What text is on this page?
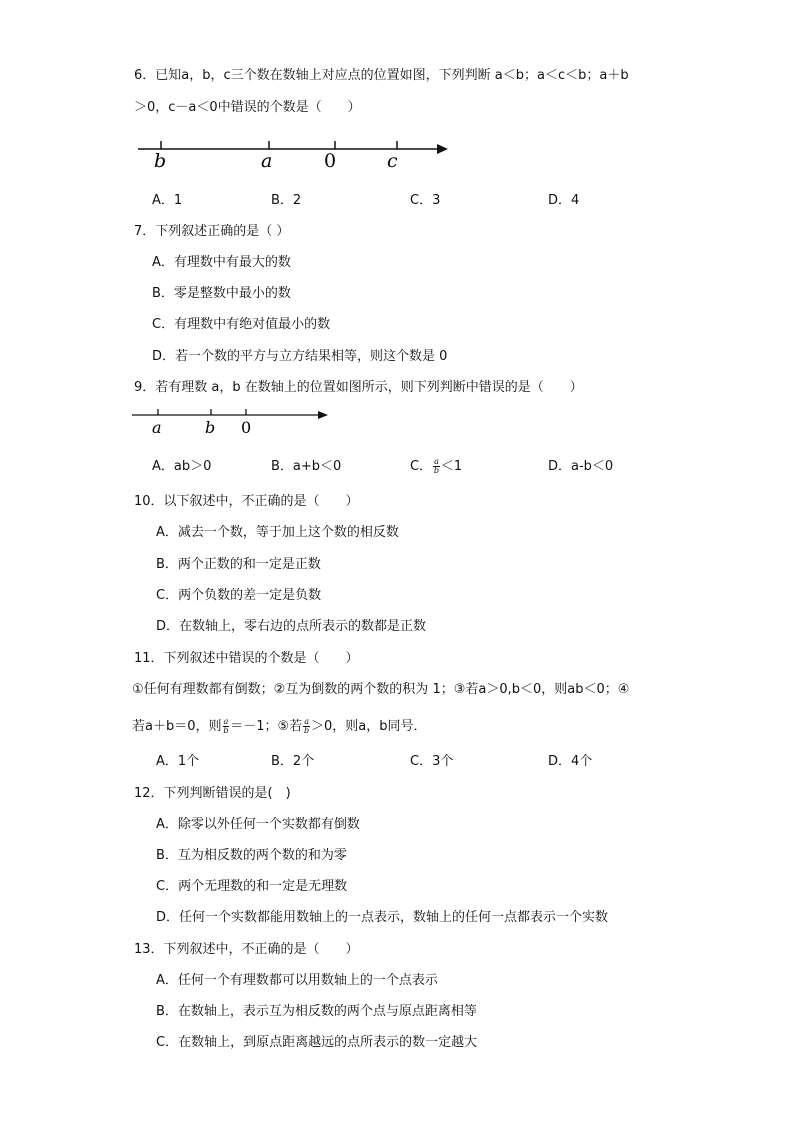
6．已知a，b，c三个数在数轴上对应点的位置如图，下列判断 a＜b；a＜c＜b；a＋b
＞0，c－a＜0中错误的个数是（　　）
b	a	0	c
A．1	B．2	C．3	D．4
7．下列叙述正确的是（ ）
A．有理数中有最大的数
B．零是整数中最小的数
C．有理数中有绝对值最小的数
D．若一个数的平方与立方结果相等，则这个数是 0
9．若有理数 a，b 在数轴上的位置如图所示，则下列判断中错误的是（　　）
a	b 0
A．ab＞0	B．a+b＜0	C． $\frac{a}{b} <1$	D．a-b＜0
10．以下叙述中，不正确的是（　　）
A．减去一个数，等于加上这个数的相反数
B．两个正数的和一定是正数
C．两个负数的差一定是负数
D．在数轴上，零右边的点所表示的数都是正数
11．下列叙述中错误的个数是（　　）
①任何有理数都有倒数；②互为倒数的两个数的积为 1；③若a＞0,b＜0，则ab＜0；④
若a＋b＝0，则 $\frac{a}{b} =-1$；⑤若 $\frac{a}{b} >0$，则a，b同号．
A．1个	B．2个	C．3个	D．4个
12．下列判断错误的是(　)
A．除零以外任何一个实数都有倒数
B．互为相反数的两个数的和为零
C．两个无理数的和一定是无理数
D．任何一个实数都能用数轴上的一点表示，数轴上的任何一点都表示一个实数
13．下列叙述中，不正确的是（　　）
A．任何一个有理数都可以用数轴上的一个点表示
B．在数轴上，表示互为相反数的两个点与原点距离相等
C．在数轴上，到原点距离越远的点所表示的数一定越大
